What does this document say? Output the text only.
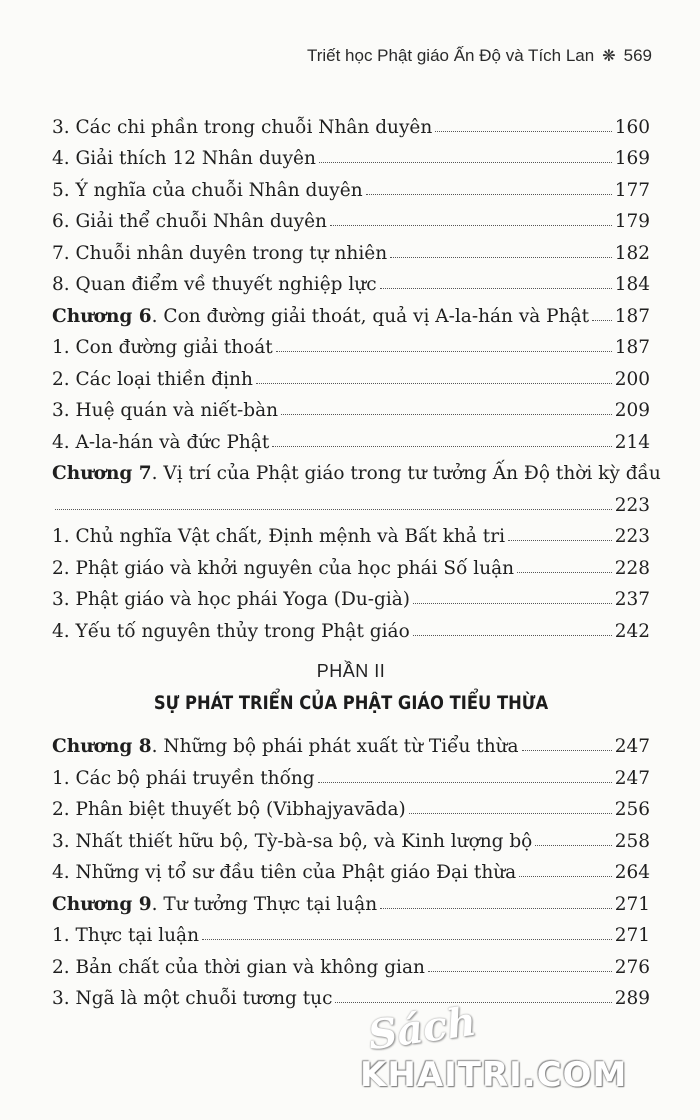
Triết học Phật giáo Ấn Độ và Tích Lan ❋ 569
3. Các chi phần trong chuỗi Nhân duyên	160
4. Giải thích 12 Nhân duyên	169
5. Ý nghĩa của chuỗi Nhân duyên	177
6. Giải thể chuỗi Nhân duyên	179
7. Chuỗi nhân duyên trong tự nhiên	182
8. Quan điểm về thuyết nghiệp lực	184
Chương 6. Con đường giải thoát, quả vị A-la-hán và Phật 187
1. Con đường giải thoát	187
2. Các loại thiền định	200
3. Huệ quán và niết-bàn	209
4. A-la-hán và đức Phật	214
Chương 7. Vị trí của Phật giáo trong tư tưởng Ấn Độ thời kỳ đầu
223
1. Chủ nghĩa Vật chất, Định mệnh và Bất khả tri	223
2. Phật giáo và khởi nguyên của học phái Số luận	228
3. Phật giáo và học phái Yoga (Du-già)	237
4. Yếu tố nguyên thủy trong Phật giáo	242
PHẦN II
SỰ PHÁT TRIỂN CỦA PHẬT GIÁO TIỂU THỪA
Chương 8. Những bộ phái phát xuất từ Tiểu thừa	247
1. Các bộ phái truyền thống	247
2. Phân biệt thuyết bộ (Vibhajyavāda)	256
3. Nhất thiết hữu bộ, Tỳ-bà-sa bộ, và Kinh lượng bộ	258
4. Những vị tổ sư đầu tiên của Phật giáo Đại thừa	264
Chương 9. Tư tưởng Thực tại luận	271
1. Thực tại luận	271
2. Bản chất của thời gian và không gian	276
3. Ngã là một chuỗi tương tục	289
Sách
KHAITRI.COM
